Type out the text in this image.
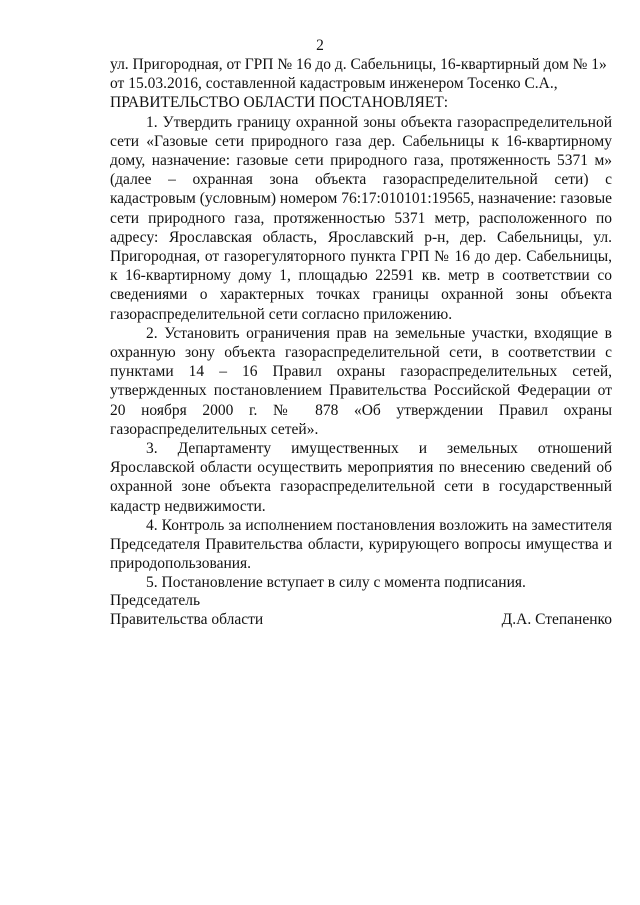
2

ул. Пригородная, от ГРП № 16 до д. Сабельницы, 16-квартирный дом № 1»

от 15.03.2016, составленной кадастровым инженером Тосенко С.А.,

ПРАВИТЕЛЬСТВО ОБЛАСТИ ПОСТАНОВЛЯЕТ:

1. Утвердить границу охранной зоны объекта газораспределительной сети «Газовые сети природного газа дер. Сабельницы к 16-квартирному дому, назначение: газовые сети природного газа, протяженность 5371 м» (далее – охранная зона объекта газораспределительной сети) с кадастровым (условным) номером 76:17:010101:19565, назначение: газовые сети природного газа, протяженностью 5371 метр, расположенного по адресу: Ярославская область, Ярославский р-н, дер. Сабельницы, ул. Пригородная, от газорегуляторного пункта ГРП № 16 до дер. Сабельницы, к 16-квартирному дому 1, площадью 22591 кв. метр в соответствии со сведениями о характерных точках границы охранной зоны объекта газораспределительной сети согласно приложению.

2. Установить ограничения прав на земельные участки, входящие в охранную зону объекта газораспределительной сети, в соответствии с пунктами 14 – 16 Правил охраны газораспределительных сетей, утвержденных постановлением Правительства Российской Федерации от 20 ноября 2000 г. № 878 «Об утверждении Правил охраны газораспределительных сетей».

3. Департаменту имущественных и земельных отношений Ярославской области осуществить мероприятия по внесению сведений об охранной зоне объекта газораспределительной сети в государственный кадастр недвижимости.

4. Контроль за исполнением постановления возложить на заместителя Председателя Правительства области, курирующего вопросы имущества и природопользования.

5. Постановление вступает в силу с момента подписания.

Председатель
Правительства области	Д.А. Степаненко
